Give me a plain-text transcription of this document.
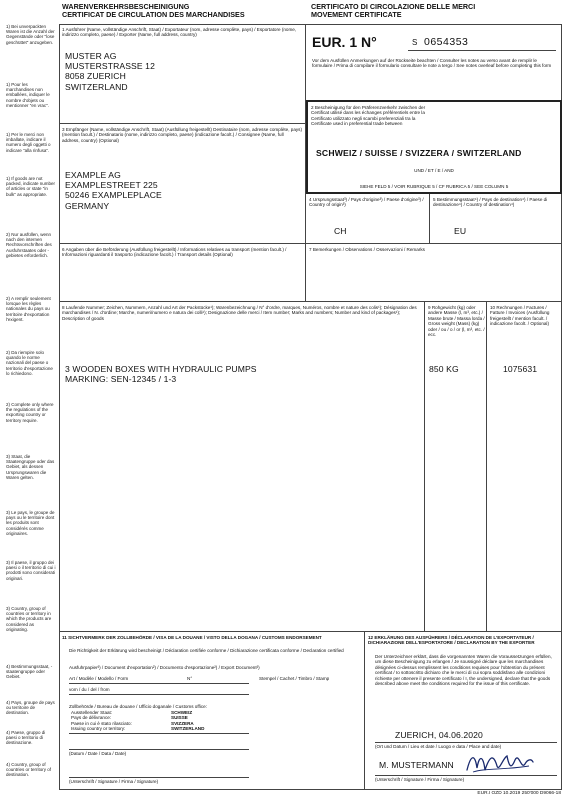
WARENVERKEHRSBESCHEINIGUNG
CERTIFICAT DE CIRCULATION DES MARCHANDISES
CERTIFICATO DI CIRCOLAZIONE DELLE MERCI
MOVEMENT CERTIFICATE
1) Bei unverpackten Waren ist die Anzahl der Gegenstände oder "lose geschüttet" anzugeben.
1) Pour les marchandises non emballées, indiquer le nombre d'objets ou mentionner "en vrac".
1) Per le merci non imballate, indicare il numero degli oggetti o indicare "alla rinfusa".
1) If goods are not packed, indicate number of articles or state "in bulk" as appropriate.
2) Nur ausfüllen, wenn nach den internen Rechtsvorschriften des Ausfuhrstaates oder -gebietes erforderlich.
2) A remplir seulement lorsque les règles nationales du pays ou territoire d'exportation l'exigent.
2) Da riempire solo quando le norme nazionali del paese o territorio d'esportazione lo richiedono.
2) Complete only where the regulations of the exporting country or territory require.
3) Staat, die Staatengruppe oder das Gebiet, als dessen Ursprungswaren die Waren gelten.
3) Le pays, le groupe de pays ou le territoire dont les produits sont considérés comme originaires.
3) Il paese, il gruppo dei paesi o il territorio di cui i prodotti sono considerati originari.
3) Country, group of countries or territory in which the products are considered as originating.
4) Bestimmungsstaat, -staatengruppe oder Gebiet.
4) Pays, groupe de pays ou territoire de destination.
4) Paese, gruppo di paesi o territorio di destinazione.
4) Country, group of countries or territory of destination.
1 Ausführer (Name, vollständige Anschrift, Staat) / Exportateur (nom, adresse complète, pays) / Esportatore (nome, indirizzo completo, paese) / Exporter (Name, full address, country)
MUSTER AG
MUSTERSTRASSE 12
8058 ZUERICH
SWITZERLAND
EUR. 1 N°	S 0654353
Vor dem Ausfüllen Anmerkungen auf der Rückseite beachten / Consulter les notes au verso avant de remplir le formulaire / Prima di compilare il formulario consultare le note a tergo / See notes overleaf before completing this form
2 Bescheinigung für den Präferenzverkehr zwischen der
Certificat utilisé dans les échanges préférentiels entre la
Certificato utilizzato negli scambi preferenziali tra la
Certificate used in preferential trade between
SCHWEIZ / SUISSE / SVIZZERA / SWITZERLAND
UND / ET / E / AND
SIEHE FELD 5 / VOIR RUBRIQUE 5 / CF RUBRICA 5 / SEE COLUMN 5
3 Empfänger (Name, vollständige Anschrift, Staat) (Ausfüllung freigestellt) Destinataire (nom, adresse complète, pays) (mention facult.) / Destinatario (nome, indirizzo completo, paese) (indicazione facolt.) / Consignee (Name, full address, country) (Optional)
EXAMPLE AG
EXAMPLESTREET 225
50246 EXAMPLEPLACE
GERMANY
4 Ursprungsstaat³) / Pays d'origine³) / Paese d'origine³) / Country of origin³)
CH
5 Bestimmungsstaat⁴) / Pays de destination⁴) / Paese di destinazione⁴) / Country of destination⁴)
EU
6 Angaben über die Beförderung (Ausfüllung freigestellt) / Informations relatives au transport (mention facult.) / Informazioni riguardanti il trasporto (indicazione facolt.) / Transport details (Optional)
7 Bemerkungen / Observations / Osservazioni / Remarks
8 Laufende Nummer; Zeichen, Nummern, Anzahl und Art der Packstücke¹); Warenbezeichnung / N° d'ordre, marques, Numéros, nombre et nature des colis¹); Désignation des marchandises / N. d'ordine; Marche, numeri/numero e natura dei colli¹); Designazione delle merci / Item number; Marks and numbers; Number and kind of packages¹); Description of goods
3 WOODEN BOXES WITH HYDRAULIC PUMPS
MARKING: SEN-12345 / 1-3
9 Rohgewicht (kg) oder andere Masse (l, m³, etc.) / Masse brute / Massa lorda / Gross weight (Mass) (kg) oder / ou / o / or (l, m³, etc. / ecc.
850 KG
10 Rechnungen / Factures / Fatture / Invoices (Ausfüllung freigestellt / mention facult. / indicazione facolt. / Optional)
1075631
11 SICHTVERMERK DER ZOLLBEHÖRDE / VISA DE LA DOUANE / VISTO DELLA DOGANA / CUSTOMS ENDORSEMENT
Die Richtigkeit der Erklärung wird bescheinigt / Déclaration certifiée conforme / Dichiarazione certificata conforme / Declaration certified
Ausfuhrpapier²) / Document d'exportation²) / Documento d'esportazione²) / Export Document²)
Art / Modèle / Modello / Form	N°
vom / du / del / from
Stempel / Cachet / Timbro / Stamp
Zollbehörde / Bureau de douane / Ufficio doganale / Customs office:
Ausstellender Staat:
Pays de délivrance:
Paese in cui è stato rilasciato:
Issuing country or territory:
SCHWEIZ
SUISSE
SVIZZERA
SWITZERLAND
(Datum / Date / Data / Date)
(Unterschrift / Signature / Firma / Signature)
12 ERKLÄRUNG DES AUSFÜHRERS / DÉCLARATION DE L'EXPORTATEUR / DICHIARAZIONE DELL'ESPORTATORE / DECLARATION BY THE EXPORTER
Der Unterzeichner erklärt, dass die vorgenannten Waren die Voraussetzungen erfüllen, um diese Bescheinigung zu erlangen / Je soussigné déclare que les marchandises désignées ci-dessus remplissent les conditions requises pour l'obtention du présent certificat / Io sottoscritto dichiaro che le merci di cui sopra soddisfano alle condizioni richieste per ottenere il presente certificato / I, the undersigned, declare that the goods described above meet the conditions required for the issue of this certificate.
ZUERICH, 04.06.2020
(Ort und Datum / Lieu et date / Luogo e data / Place and date)
M. MUSTERMANN
(Unterschrift / Signature / Firma / Signature)
EUR.I OZD 10.2019 250'000 D9066-18
